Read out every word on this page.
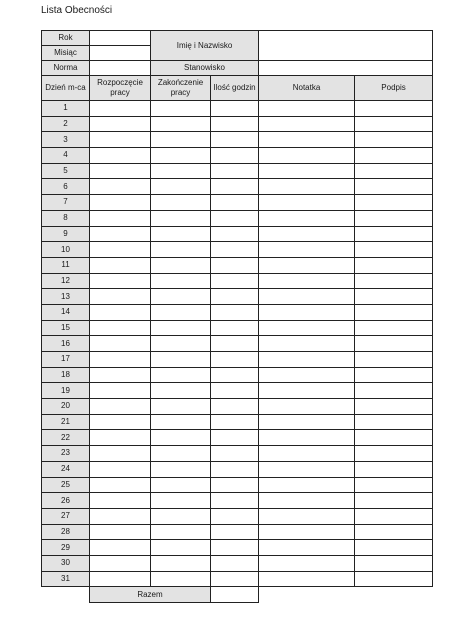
Lista Obecności
Rok		Imię i Nazwisko			
Misiąc					
Norma		Stanowisko			
Dzień m-ca	Rozpoczęcie pracy	Zakończenie pracy	Ilość godzin	Notatka	Podpis
1					
2					
3					
4					
5					
6					
7					
8					
9					
10					
11					
12					
13					
14					
15					
16					
17					
18					
19					
20					
21					
22					
23					
24					
25					
26					
27					
28					
29					
30					
31					
	Razem				
